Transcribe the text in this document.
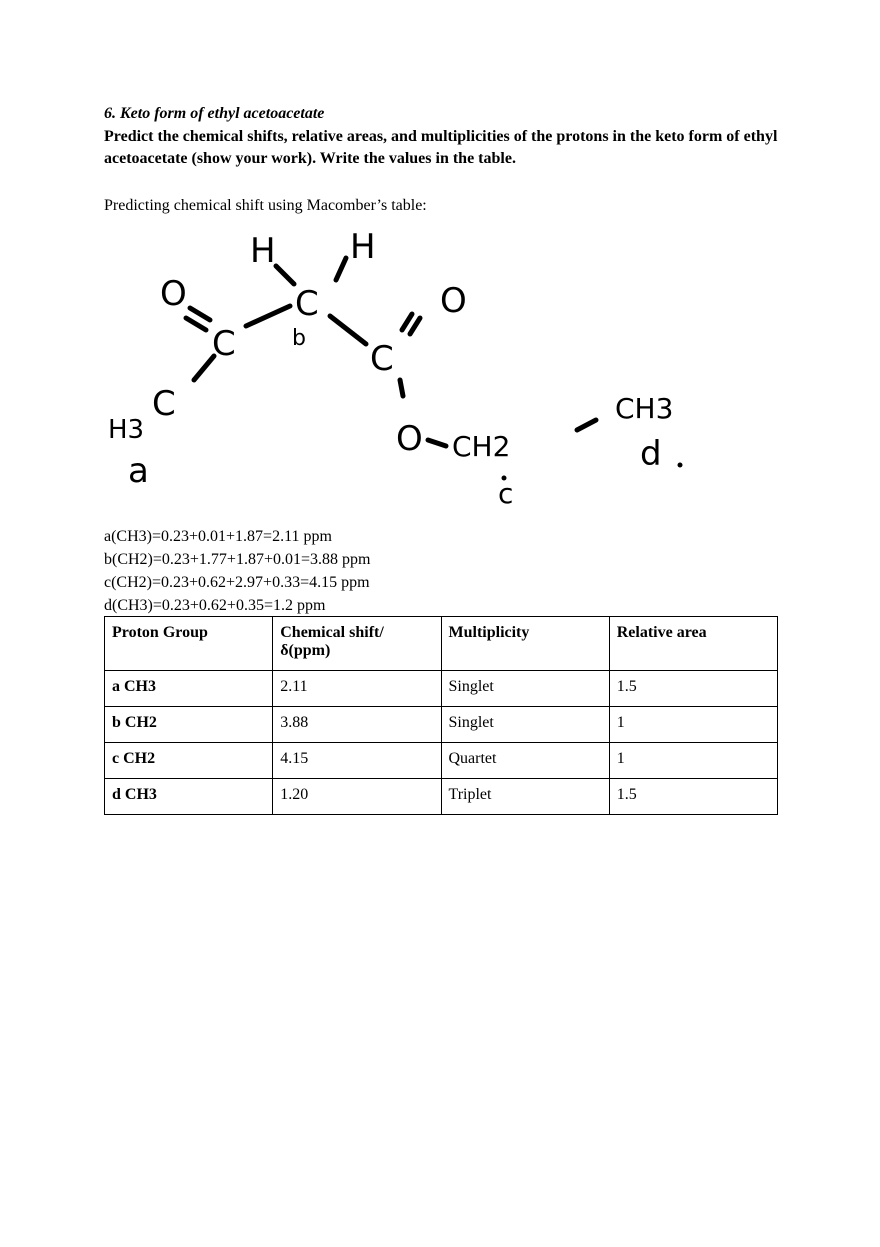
6. Keto form of ethyl acetoacetate
Predict the chemical shifts, relative areas, and multiplicities of the protons in the keto form of ethyl acetoacetate (show your work). Write the values in the table.
Predicting chemical shift using Macomber’s table:
H H
C
b
O
C	C
O
C
H3
a
O CH2
c
CH3
d
a(CH3)=0.23+0.01+1.87=2.11 ppm
b(CH2)=0.23+1.77+1.87+0.01=3.88 ppm
c(CH2)=0.23+0.62+2.97+0.33=4.15 ppm
d(CH3)=0.23+0.62+0.35=1.2 ppm
Proton Group	Chemical shift/δ(ppm)	Multiplicity	Relative area
a CH3	2.11	Singlet	1.5
b CH2	3.88	Singlet	1
c CH2	4.15	Quartet	1
d CH3	1.20	Triplet	1.5
